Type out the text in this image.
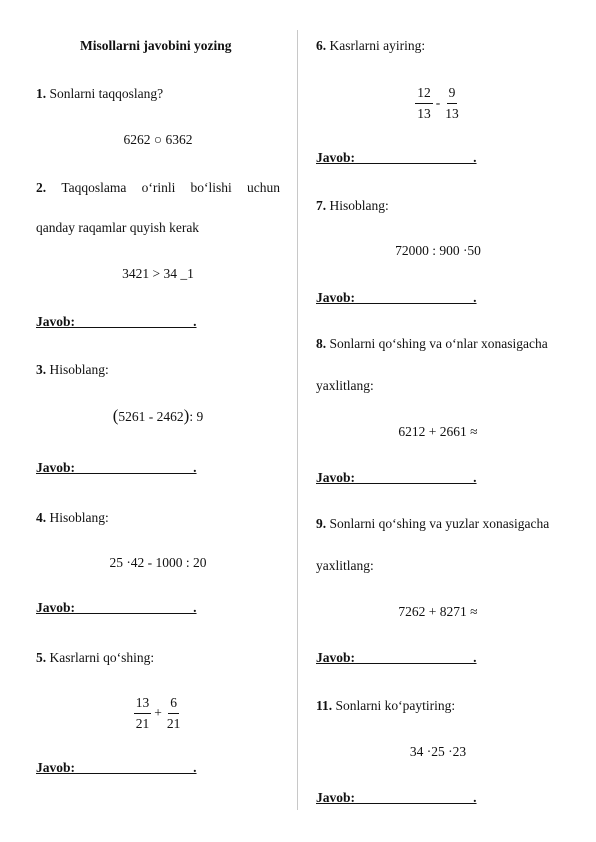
Misollarni javobini yozing
1. Sonlarni taqqoslang?
6262 ○ 6362
2. Taqqoslama o‘rinli bo‘lishi uchun
qanday raqamlar quyish kerak
3421 > 34 _1
Javob:                                   .
3. Hisoblang:
(5261 - 2462): 9
Javob:                                   .
4. Hisoblang:
25 ·42 - 1000 : 20
Javob:                                   .
5. Kasrlarni qo‘shing:
$\frac{13}{21} + \frac{6}{21}$
Javob:                                   .
6. Kasrlarni ayiring:
$\frac{12}{13} - \frac{9}{13}$
Javob:                                   .
7. Hisoblang:
72000 : 900 ·50
Javob:                                   .
8. Sonlarni qo‘shing va o‘nlar xonasigacha
yaxlitlang:
6212 + 2661 ≈
Javob:                                   .
9. Sonlarni qo‘shing va yuzlar xonasigacha
yaxlitlang:
7262 + 8271 ≈
Javob:                                   .
11. Sonlarni ko‘paytiring:
34 ·25 ·23
Javob:                                   .
